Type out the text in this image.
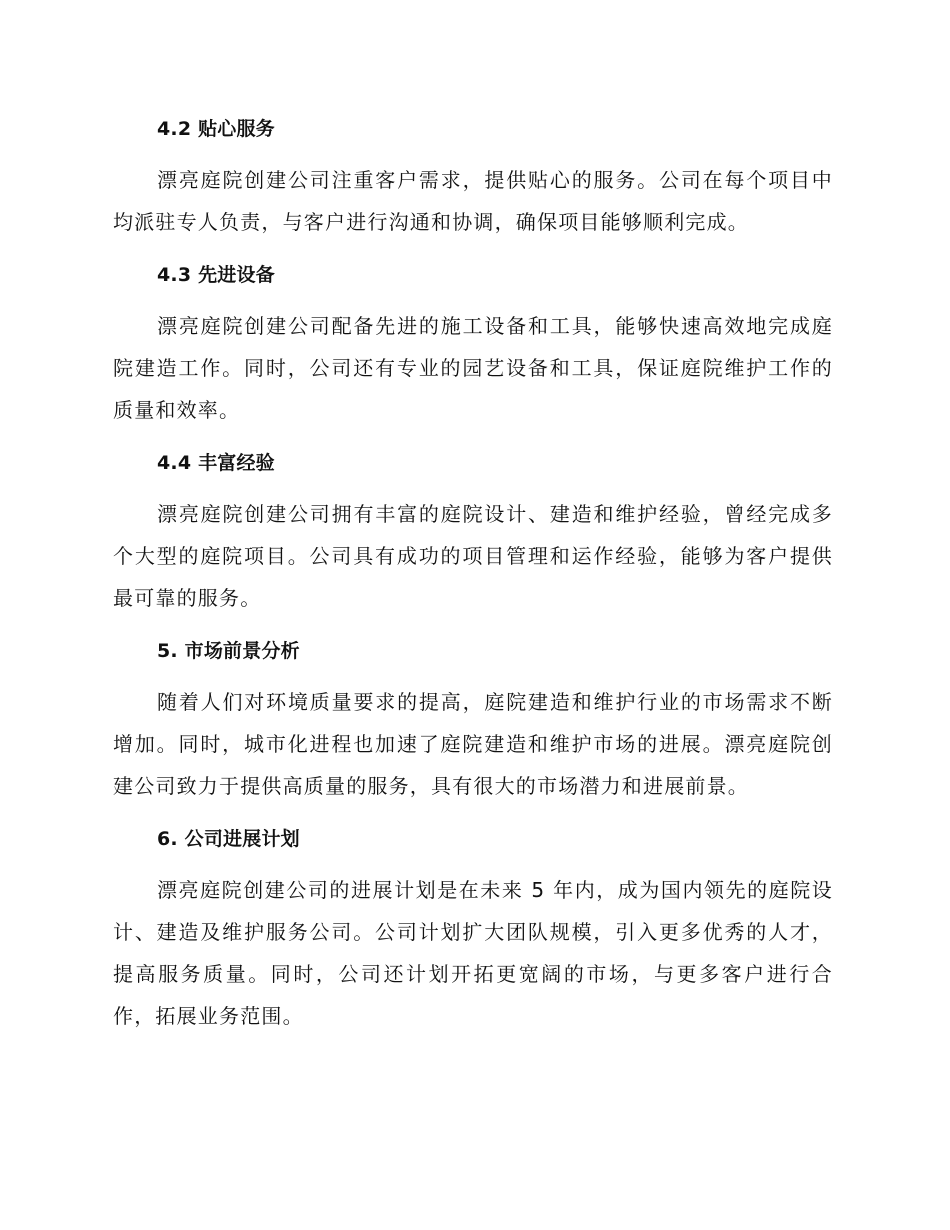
4.2 贴心服务
漂亮庭院创建公司注重客户需求，提供贴心的服务。公司在每个项目中均派驻专人负责，与客户进行沟通和协调，确保项目能够顺利完成。
4.3 先进设备
漂亮庭院创建公司配备先进的施工设备和工具，能够快速高效地完成庭院建造工作。同时，公司还有专业的园艺设备和工具，保证庭院维护工作的质量和效率。
4.4 丰富经验
漂亮庭院创建公司拥有丰富的庭院设计、建造和维护经验，曾经完成多个大型的庭院项目。公司具有成功的项目管理和运作经验，能够为客户提供最可靠的服务。
5. 市场前景分析
随着人们对环境质量要求的提高，庭院建造和维护行业的市场需求不断增加。同时，城市化进程也加速了庭院建造和维护市场的进展。漂亮庭院创建公司致力于提供高质量的服务，具有很大的市场潜力和进展前景。
6. 公司进展计划
漂亮庭院创建公司的进展计划是在未来 5 年内，成为国内领先的庭院设计、建造及维护服务公司。公司计划扩大团队规模，引入更多优秀的人才，提高服务质量。同时，公司还计划开拓更宽阔的市场，与更多客户进行合作，拓展业务范围。
